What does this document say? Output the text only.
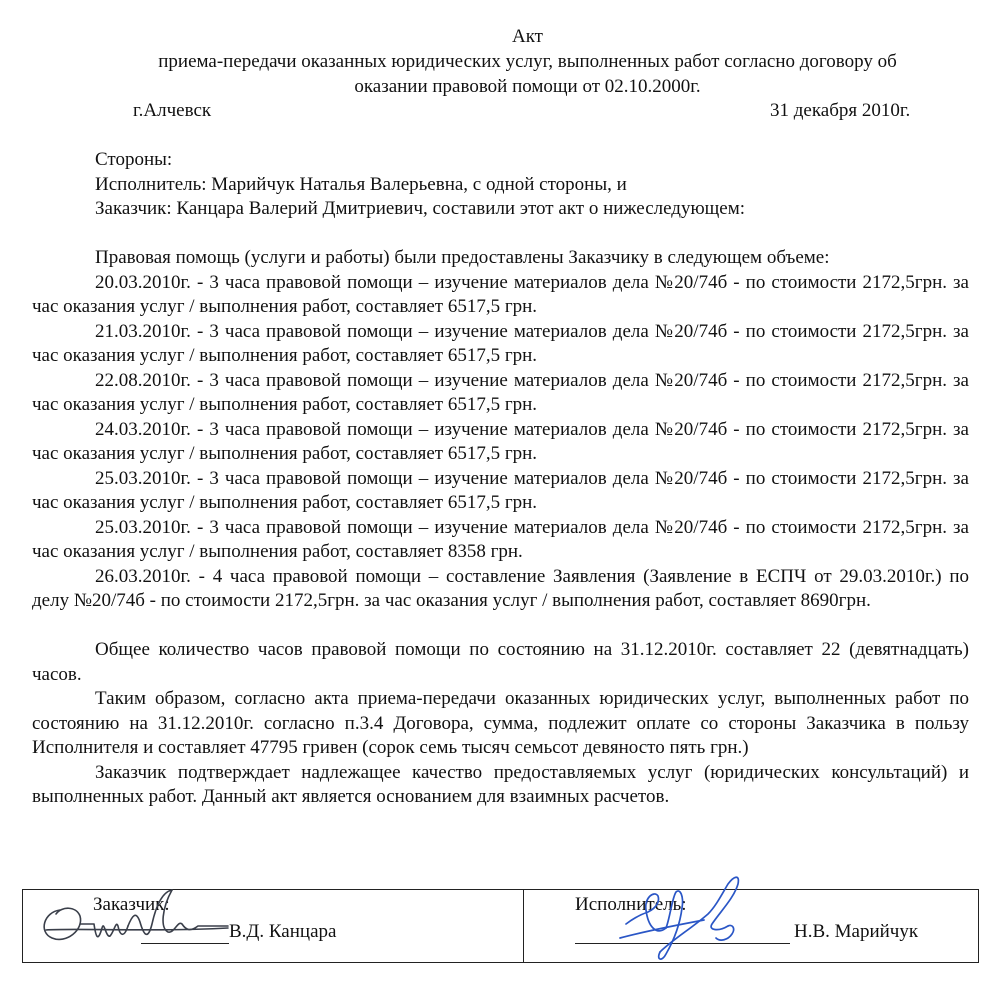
Акт
приема-передачи оказанных юридических услуг, выполненных работ согласно договору об
оказании правовой помощи от 02.10.2000г.
г.Алчевск	31 декабря 2010г.

Стороны:

Исполнитель: Марийчук Наталья Валерьевна, с одной стороны, и

Заказчик: Канцара Валерий Дмитриевич, составили этот акт о нижеследующем:

Правовая помощь (услуги и работы) были предоставлены Заказчику в следующем объеме:

20.03.2010г. - 3 часа правовой помощи – изучение материалов дела №20/74б - по стоимости 2172,5грн. за час оказания услуг / выполнения работ, составляет 6517,5 грн.

21.03.2010г. - 3 часа правовой помощи – изучение материалов дела №20/74б - по стоимости 2172,5грн. за час оказания услуг / выполнения работ, составляет 6517,5 грн.

22.08.2010г. - 3 часа правовой помощи – изучение материалов дела №20/74б - по стоимости 2172,5грн. за час оказания услуг / выполнения работ, составляет 6517,5 грн.

24.03.2010г. - 3 часа правовой помощи – изучение материалов дела №20/74б - по стоимости 2172,5грн. за час оказания услуг / выполнения работ, составляет 6517,5 грн.

25.03.2010г. - 3 часа правовой помощи – изучение материалов дела №20/74б - по стоимости 2172,5грн. за час оказания услуг / выполнения работ, составляет 6517,5 грн.

25.03.2010г. - 3 часа правовой помощи – изучение материалов дела №20/74б - по стоимости 2172,5грн. за час оказания услуг / выполнения работ, составляет 8358 грн.

26.03.2010г. - 4 часа правовой помощи – составление Заявления (Заявление в ЕСПЧ от 29.03.2010г.) по делу №20/74б - по стоимости 2172,5грн. за час оказания услуг / выполнения работ, составляет 8690грн.

Общее количество часов правовой помощи по состоянию на 31.12.2010г. составляет 22 (девятнадцать) часов.

Таким образом, согласно акта приема-передачи оказанных юридических услуг, выполненных работ по состоянию на 31.12.2010г. согласно п.3.4 Договора, сумма, подлежит оплате со стороны Заказчика в пользу Исполнителя и составляет 47795 гривен (сорок семь тысяч семьсот девяносто пять грн.)

Заказчик подтверждает надлежащее качество предоставляемых услуг (юридических консультаций) и выполненных работ. Данный акт является основанием для взаимных расчетов.

Заказчик:
В.Д. Канцара
Исполнитель:
Н.В. Марийчук
